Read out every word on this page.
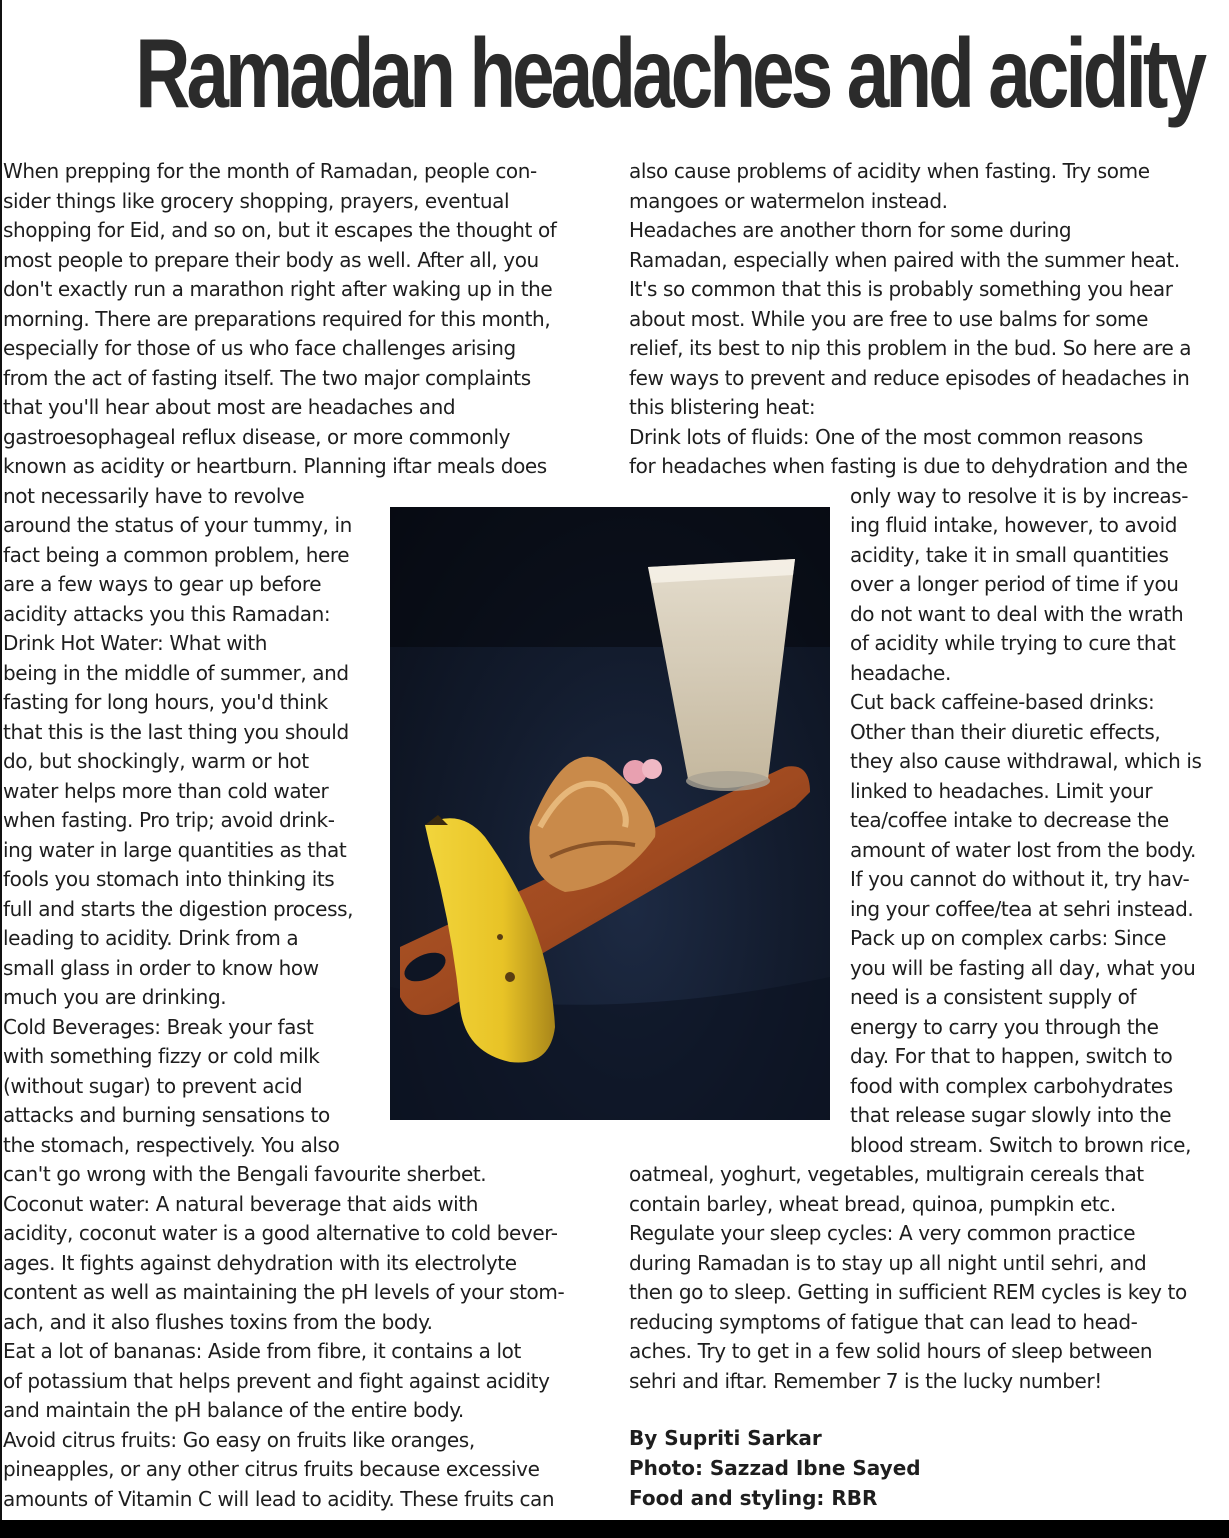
Ramadan headaches and acidity
When prepping for the month of Ramadan, people con-
sider things like grocery shopping, prayers, eventual
shopping for Eid, and so on, but it escapes the thought of
most people to prepare their body as well. After all, you
don't exactly run a marathon right after waking up in the
morning. There are preparations required for this month,
especially for those of us who face challenges arising
from the act of fasting itself. The two major complaints
that you'll hear about most are headaches and
gastroesophageal reflux disease, or more commonly
known as acidity or heartburn. Planning iftar meals does
not necessarily have to revolve
around the status of your tummy, in
fact being a common problem, here
are a few ways to gear up before
acidity attacks you this Ramadan:
Drink Hot Water: What with
being in the middle of summer, and
fasting for long hours, you'd think
that this is the last thing you should
do, but shockingly, warm or hot
water helps more than cold water
when fasting. Pro trip; avoid drink-
ing water in large quantities as that
fools you stomach into thinking its
full and starts the digestion process,
leading to acidity. Drink from a
small glass in order to know how
much you are drinking.
Cold Beverages: Break your fast
with something fizzy or cold milk
(without sugar) to prevent acid
attacks and burning sensations to
the stomach, respectively. You also
can't go wrong with the Bengali favourite sherbet.
Coconut water: A natural beverage that aids with
acidity, coconut water is a good alternative to cold bever-
ages. It fights against dehydration with its electrolyte
content as well as maintaining the pH levels of your stom-
ach, and it also flushes toxins from the body.
Eat a lot of bananas: Aside from fibre, it contains a lot
of potassium that helps prevent and fight against acidity
and maintain the pH balance of the entire body.
Avoid citrus fruits: Go easy on fruits like oranges,
pineapples, or any other citrus fruits because excessive
amounts of Vitamin C will lead to acidity. These fruits can
also cause problems of acidity when fasting. Try some
mangoes or watermelon instead.
Headaches are another thorn for some during
Ramadan, especially when paired with the summer heat.
It's so common that this is probably something you hear
about most. While you are free to use balms for some
relief, its best to nip this problem in the bud. So here are a
few ways to prevent and reduce episodes of headaches in
this blistering heat:
Drink lots of fluids: One of the most common reasons
for headaches when fasting is due to dehydration and the
only way to resolve it is by increas-
ing fluid intake, however, to avoid
acidity, take it in small quantities
over a longer period of time if you
do not want to deal with the wrath
of acidity while trying to cure that
headache.
Cut back caffeine-based drinks:
Other than their diuretic effects,
they also cause withdrawal, which is
linked to headaches. Limit your
tea/coffee intake to decrease the
amount of water lost from the body.
If you cannot do without it, try hav-
ing your coffee/tea at sehri instead.
Pack up on complex carbs: Since
you will be fasting all day, what you
need is a consistent supply of
energy to carry you through the
day. For that to happen, switch to
food with complex carbohydrates
that release sugar slowly into the
blood stream. Switch to brown rice,
oatmeal, yoghurt, vegetables, multigrain cereals that
contain barley, wheat bread, quinoa, pumpkin etc.
Regulate your sleep cycles: A very common practice
during Ramadan is to stay up all night until sehri, and
then go to sleep. Getting in sufficient REM cycles is key to
reducing symptoms of fatigue that can lead to head-
aches. Try to get in a few solid hours of sleep between
sehri and iftar. Remember 7 is the lucky number!
By Supriti Sarkar
Photo: Sazzad Ibne Sayed
Food and styling: RBR
